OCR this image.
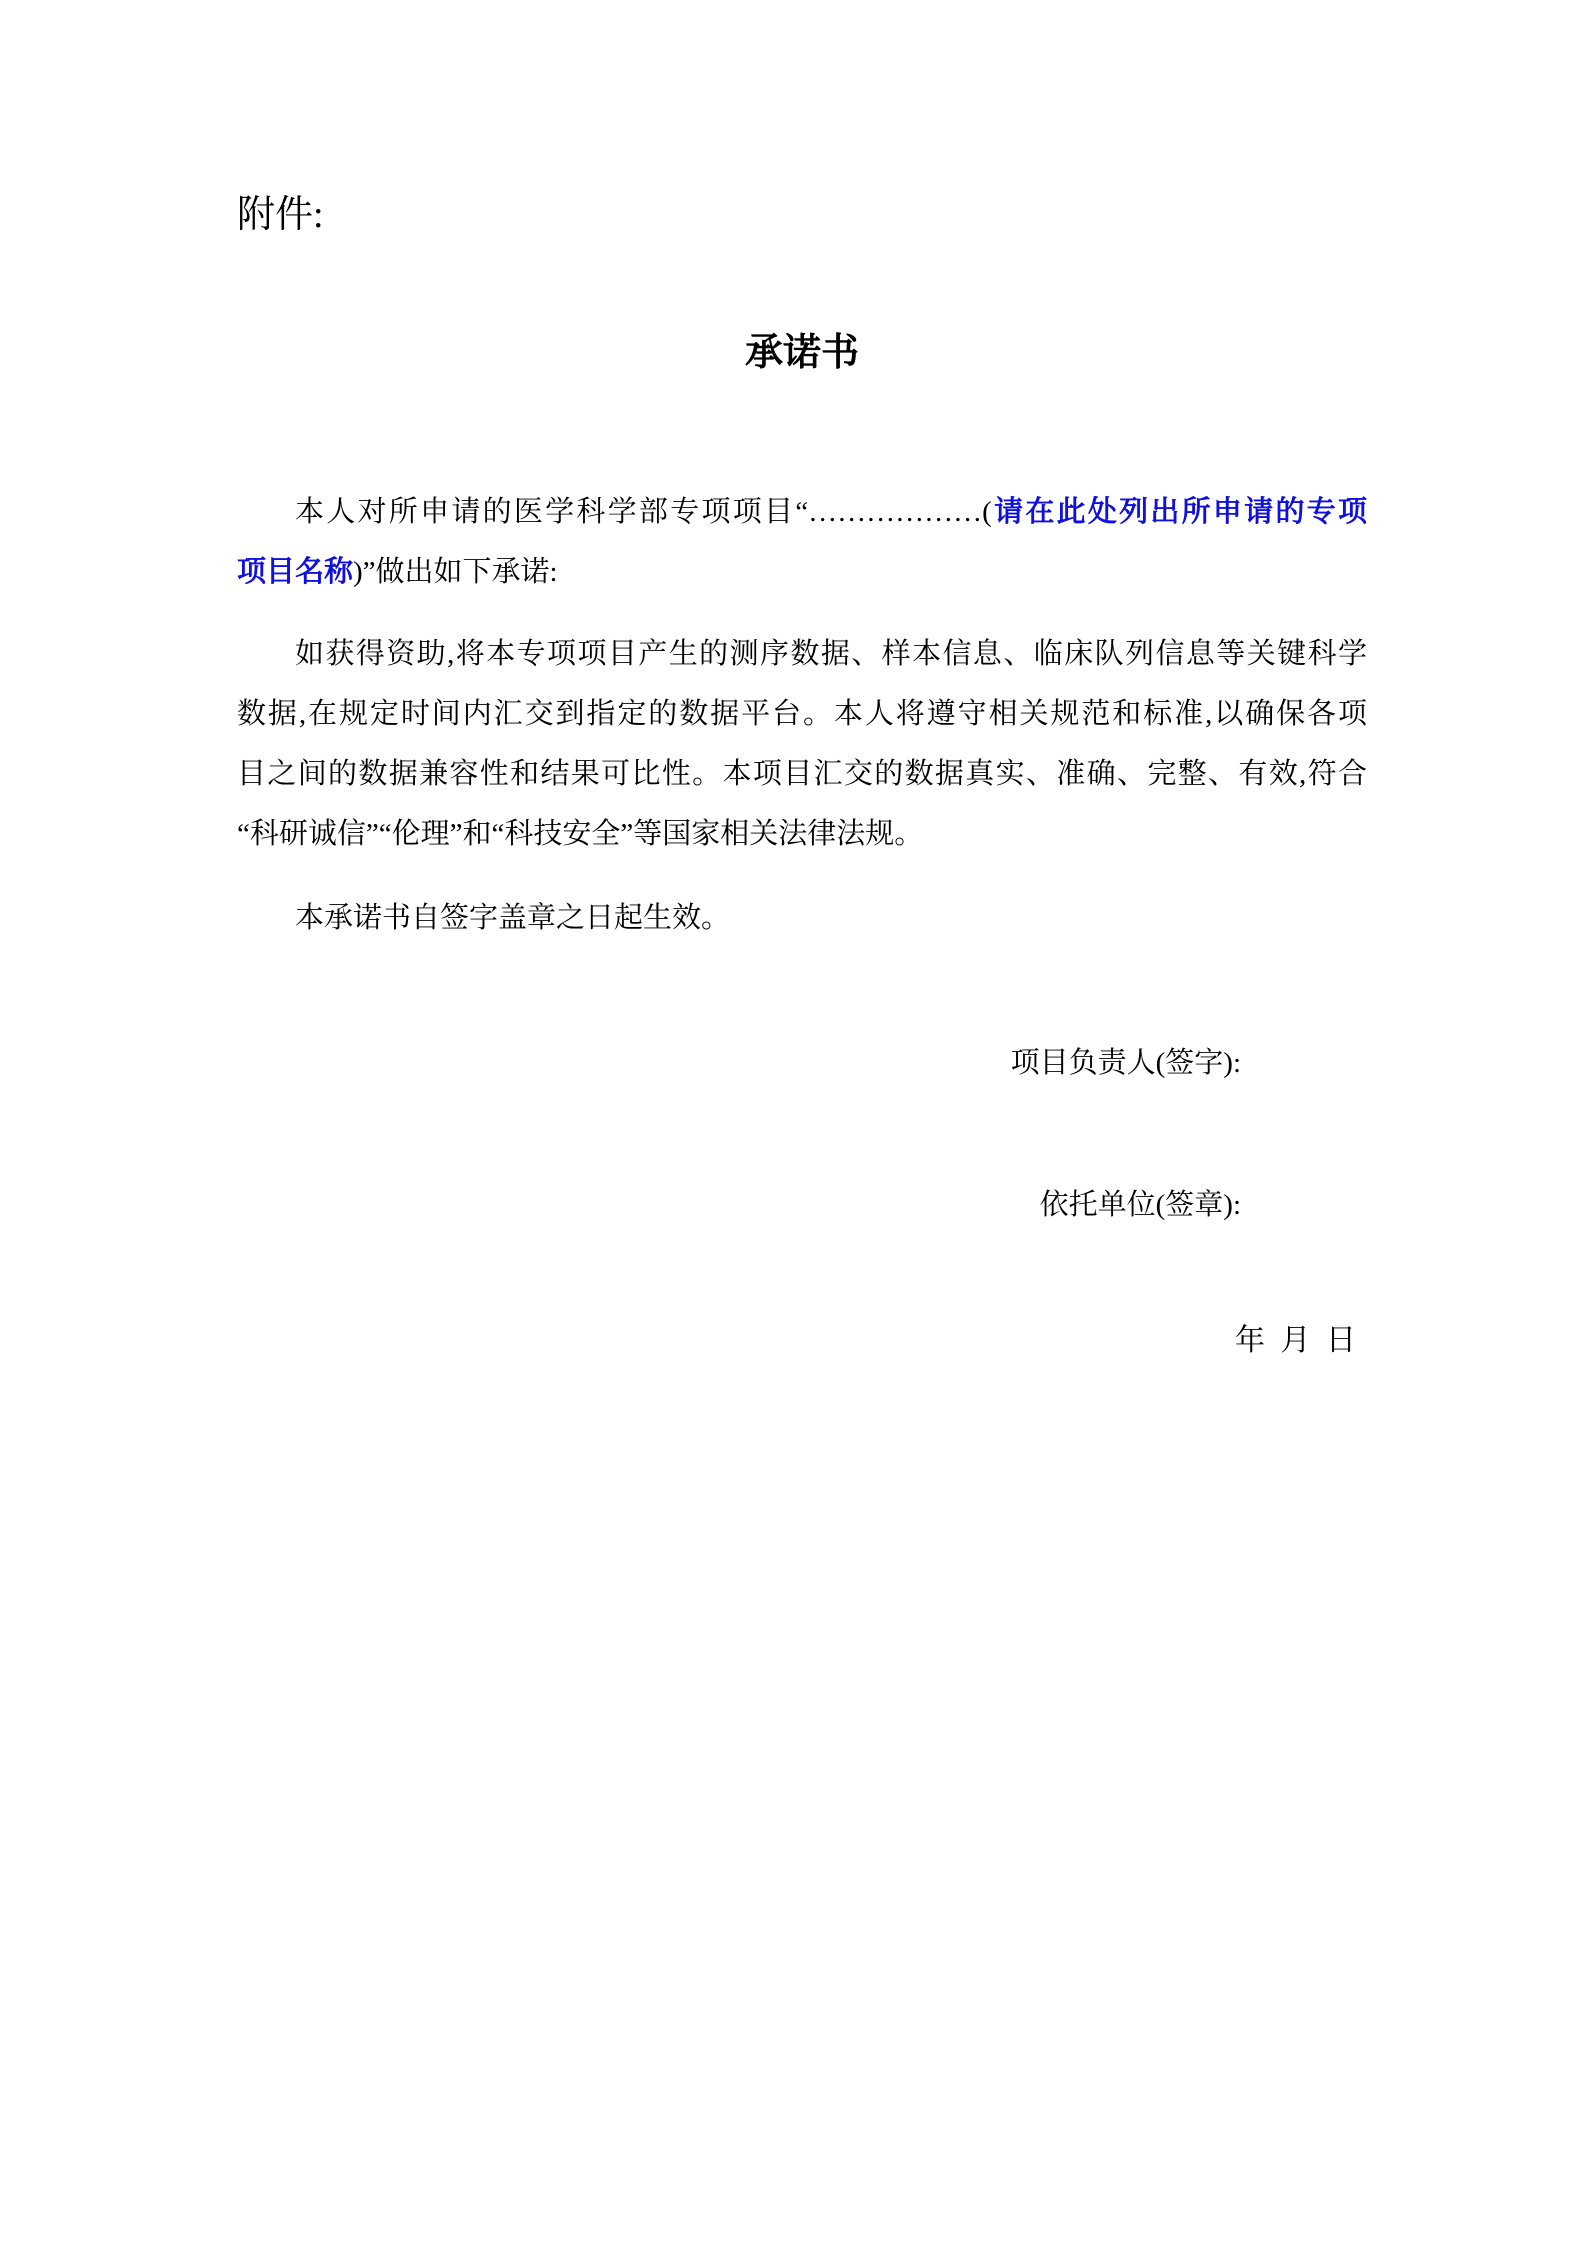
附件:

承诺书
本人对所申请的医学科学部专项项目“………………(请在此处列出所申请的专项
项目名称)”做出如下承诺:
如获得资助,将本专项项目产生的测序数据、样本信息、临床队列信息等关键科学
数据,在规定时间内汇交到指定的数据平台。本人将遵守相关规范和标准,以确保各项
目之间的数据兼容性和结果可比性。本项目汇交的数据真实、准确、完整、有效,符合
“科研诚信”“伦理”和“科技安全”等国家相关法律法规。
本承诺书自签字盖章之日起生效。

项目负责人(签字):

依托单位(签章):

年 月 日
